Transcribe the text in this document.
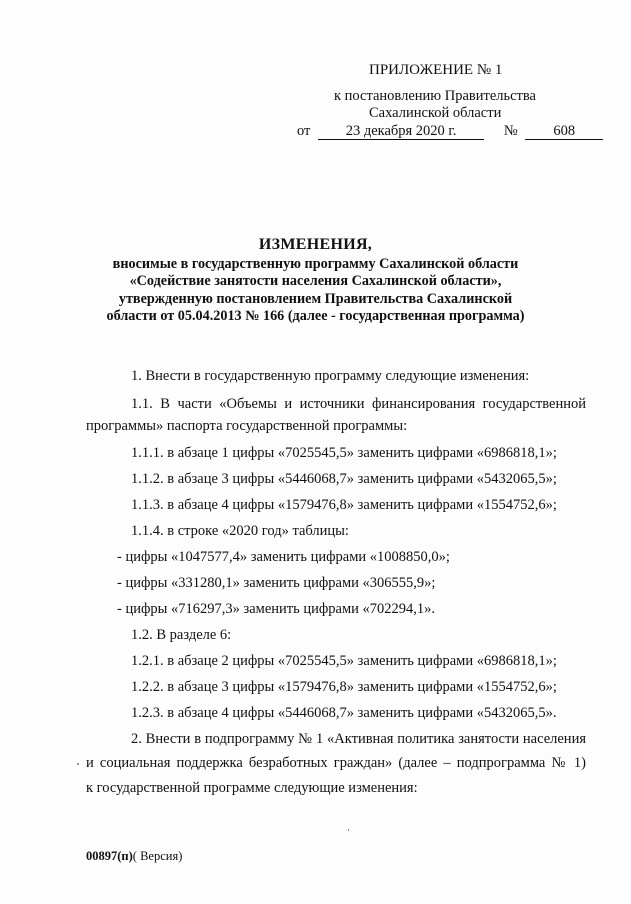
ПРИЛОЖЕНИЕ № 1
к постановлению Правительства
Сахалинской области
от 23 декабря 2020 г.	№ 608
ИЗМЕНЕНИЯ,
вносимые в государственную программу Сахалинской области
«Содействие занятости населения Сахалинской области»,
утвержденную постановлением Правительства Сахалинской
области от 05.04.2013 № 166 (далее - государственная программа)
1. Внести в государственную программу следующие изменения:
1.1. В части «Объемы и источники финансирования государственной
программы» паспорта государственной программы:
1.1.1. в абзаце 1 цифры «7025545,5» заменить цифрами «6986818,1»;
1.1.2. в абзаце 3 цифры «5446068,7» заменить цифрами «5432065,5»;
1.1.3. в абзаце 4 цифры «1579476,8» заменить цифрами «1554752,6»;
1.1.4. в строке «2020 год» таблицы:
- цифры «1047577,4» заменить цифрами «1008850,0»;
- цифры «331280,1» заменить цифрами «306555,9»;
- цифры «716297,3» заменить цифрами «702294,1».
1.2. В разделе 6:
1.2.1. в абзаце 2 цифры «7025545,5» заменить цифрами «6986818,1»;
1.2.2. в абзаце 3 цифры «1579476,8» заменить цифрами «1554752,6»;
1.2.3. в абзаце 4 цифры «5446068,7» заменить цифрами «5432065,5».
2. Внести в подпрограмму № 1 «Активная политика занятости населения
и социальная поддержка безработных граждан» (далее – подпрограмма № 1)
к государственной программе следующие изменения:
00897(п)( Версия)
